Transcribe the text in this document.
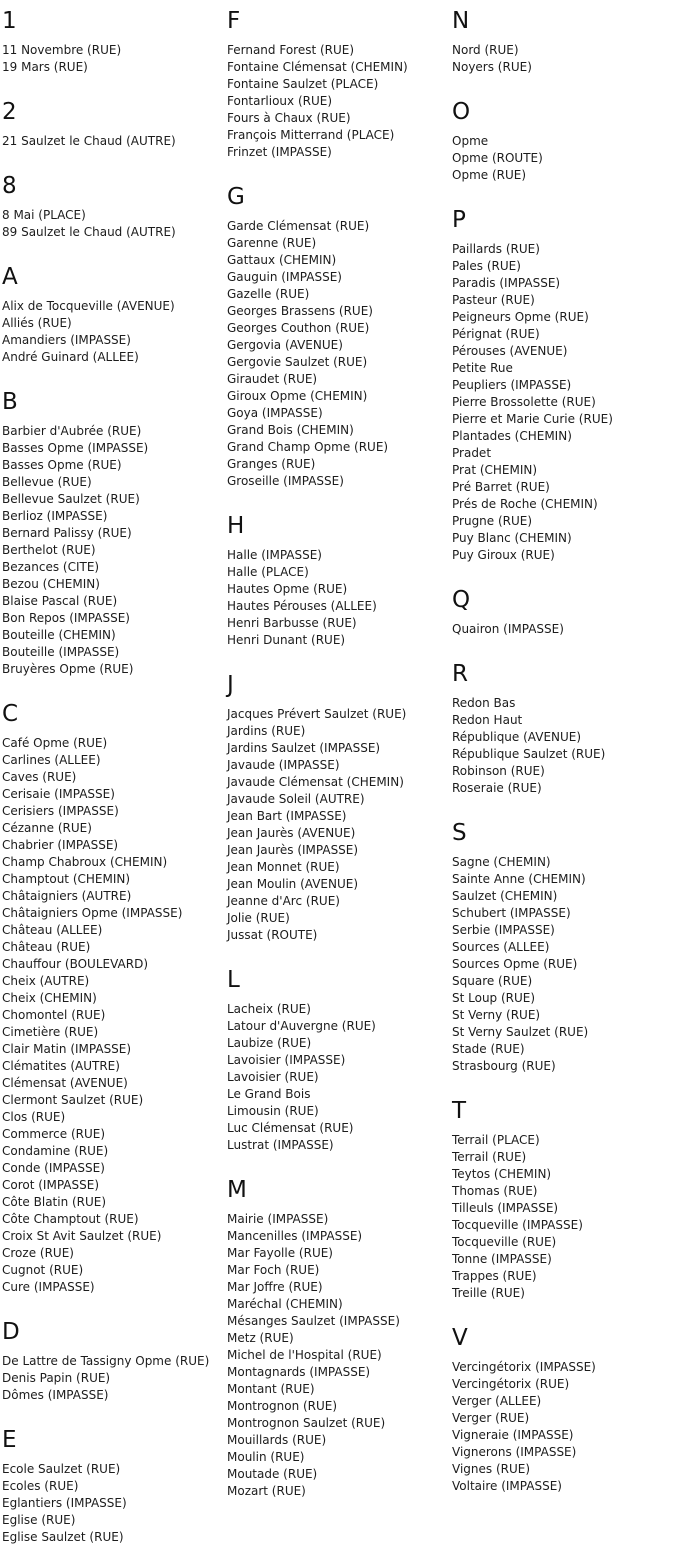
1
11 Novembre (RUE)
19 Mars (RUE)
2
21 Saulzet le Chaud (AUTRE)
8
8 Mai (PLACE)
89 Saulzet le Chaud (AUTRE)
A
Alix de Tocqueville (AVENUE)
Alliés (RUE)
Amandiers (IMPASSE)
André Guinard (ALLEE)
B
Barbier d'Aubrée (RUE)
Basses Opme (IMPASSE)
Basses Opme (RUE)
Bellevue (RUE)
Bellevue Saulzet (RUE)
Berlioz (IMPASSE)
Bernard Palissy (RUE)
Berthelot (RUE)
Bezances (CITE)
Bezou (CHEMIN)
Blaise Pascal (RUE)
Bon Repos (IMPASSE)
Bouteille (CHEMIN)
Bouteille (IMPASSE)
Bruyères Opme (RUE)
C
Café Opme (RUE)
Carlines (ALLEE)
Caves (RUE)
Cerisaie (IMPASSE)
Cerisiers (IMPASSE)
Cézanne (RUE)
Chabrier (IMPASSE)
Champ Chabroux (CHEMIN)
Champtout (CHEMIN)
Châtaigniers (AUTRE)
Châtaigniers Opme (IMPASSE)
Château (ALLEE)
Château (RUE)
Chauffour (BOULEVARD)
Cheix (AUTRE)
Cheix (CHEMIN)
Chomontel (RUE)
Cimetière (RUE)
Clair Matin (IMPASSE)
Clématites (AUTRE)
Clémensat (AVENUE)
Clermont Saulzet (RUE)
Clos (RUE)
Commerce (RUE)
Condamine (RUE)
Conde (IMPASSE)
Corot (IMPASSE)
Côte Blatin (RUE)
Côte Champtout (RUE)
Croix St Avit Saulzet (RUE)
Croze (RUE)
Cugnot (RUE)
Cure (IMPASSE)
D
De Lattre de Tassigny Opme (RUE)
Denis Papin (RUE)
Dômes (IMPASSE)
E
Ecole Saulzet (RUE)
Ecoles (RUE)
Eglantiers (IMPASSE)
Eglise (RUE)
Eglise Saulzet (RUE)
F
Fernand Forest (RUE)
Fontaine Clémensat (CHEMIN)
Fontaine Saulzet (PLACE)
Fontarlioux (RUE)
Fours à Chaux (RUE)
François Mitterrand (PLACE)
Frinzet (IMPASSE)
G
Garde Clémensat (RUE)
Garenne (RUE)
Gattaux (CHEMIN)
Gauguin (IMPASSE)
Gazelle (RUE)
Georges Brassens (RUE)
Georges Couthon (RUE)
Gergovia (AVENUE)
Gergovie Saulzet (RUE)
Giraudet (RUE)
Giroux Opme (CHEMIN)
Goya (IMPASSE)
Grand Bois (CHEMIN)
Grand Champ Opme (RUE)
Granges (RUE)
Groseille (IMPASSE)
H
Halle (IMPASSE)
Halle (PLACE)
Hautes Opme (RUE)
Hautes Pérouses (ALLEE)
Henri Barbusse (RUE)
Henri Dunant (RUE)
J
Jacques Prévert Saulzet (RUE)
Jardins (RUE)
Jardins Saulzet (IMPASSE)
Javaude (IMPASSE)
Javaude Clémensat (CHEMIN)
Javaude Soleil (AUTRE)
Jean Bart (IMPASSE)
Jean Jaurès (AVENUE)
Jean Jaurès (IMPASSE)
Jean Monnet (RUE)
Jean Moulin (AVENUE)
Jeanne d'Arc (RUE)
Jolie (RUE)
Jussat (ROUTE)
L
Lacheix (RUE)
Latour d'Auvergne (RUE)
Laubize (RUE)
Lavoisier (IMPASSE)
Lavoisier (RUE)
Le Grand Bois
Limousin (RUE)
Luc Clémensat (RUE)
Lustrat (IMPASSE)
M
Mairie (IMPASSE)
Mancenilles (IMPASSE)
Mar Fayolle (RUE)
Mar Foch (RUE)
Mar Joffre (RUE)
Maréchal (CHEMIN)
Mésanges Saulzet (IMPASSE)
Metz (RUE)
Michel de l'Hospital (RUE)
Montagnards (IMPASSE)
Montant (RUE)
Montrognon (RUE)
Montrognon Saulzet (RUE)
Mouillards (RUE)
Moulin (RUE)
Moutade (RUE)
Mozart (RUE)
N
Nord (RUE)
Noyers (RUE)
O
Opme
Opme (ROUTE)
Opme (RUE)
P
Paillards (RUE)
Pales (RUE)
Paradis (IMPASSE)
Pasteur (RUE)
Peigneurs Opme (RUE)
Pérignat (RUE)
Pérouses (AVENUE)
Petite Rue
Peupliers (IMPASSE)
Pierre Brossolette (RUE)
Pierre et Marie Curie (RUE)
Plantades (CHEMIN)
Pradet
Prat (CHEMIN)
Pré Barret (RUE)
Prés de Roche (CHEMIN)
Prugne (RUE)
Puy Blanc (CHEMIN)
Puy Giroux (RUE)
Q
Quairon (IMPASSE)
R
Redon Bas
Redon Haut
République (AVENUE)
République Saulzet (RUE)
Robinson (RUE)
Roseraie (RUE)
S
Sagne (CHEMIN)
Sainte Anne (CHEMIN)
Saulzet (CHEMIN)
Schubert (IMPASSE)
Serbie (IMPASSE)
Sources (ALLEE)
Sources Opme (RUE)
Square (RUE)
St Loup (RUE)
St Verny (RUE)
St Verny Saulzet (RUE)
Stade (RUE)
Strasbourg (RUE)
T
Terrail (PLACE)
Terrail (RUE)
Teytos (CHEMIN)
Thomas (RUE)
Tilleuls (IMPASSE)
Tocqueville (IMPASSE)
Tocqueville (RUE)
Tonne (IMPASSE)
Trappes (RUE)
Treille (RUE)
V
Vercingétorix (IMPASSE)
Vercingétorix (RUE)
Verger (ALLEE)
Verger (RUE)
Vigneraie (IMPASSE)
Vignerons (IMPASSE)
Vignes (RUE)
Voltaire (IMPASSE)
